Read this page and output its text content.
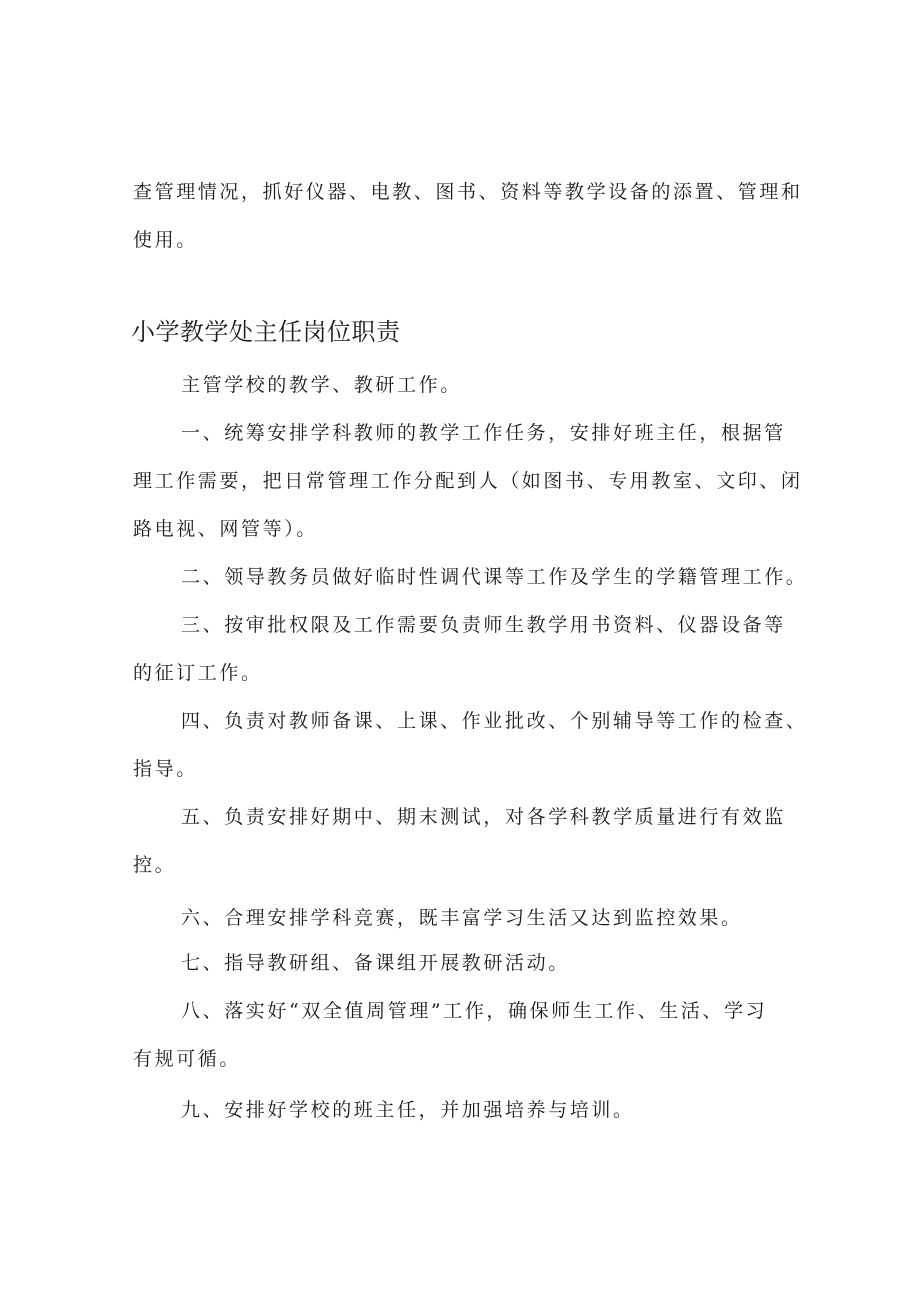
查管理情况，抓好仪器、电教、图书、资料等教学设备的添置、管理和

使用。

小学教学处主任岗位职责

主管学校的教学、教研工作。

一、统筹安排学科教师的教学工作任务，安排好班主任，根据管

理工作需要，把日常管理工作分配到人（如图书、专用教室、文印、闭

路电视、网管等）。

二、领导教务员做好临时性调代课等工作及学生的学籍管理工作。

三、按审批权限及工作需要负责师生教学用书资料、仪器设备等

的征订工作。

四、负责对教师备课、上课、作业批改、个别辅导等工作的检查、

指导。

五、负责安排好期中、期末测试，对各学科教学质量进行有效监

控。

六、合理安排学科竞赛，既丰富学习生活又达到监控效果。

七、指导教研组、备课组开展教研活动。

八、落实好“双全值周管理”工作，确保师生工作、生活、学习

有规可循。

九、安排好学校的班主任，并加强培养与培训。
